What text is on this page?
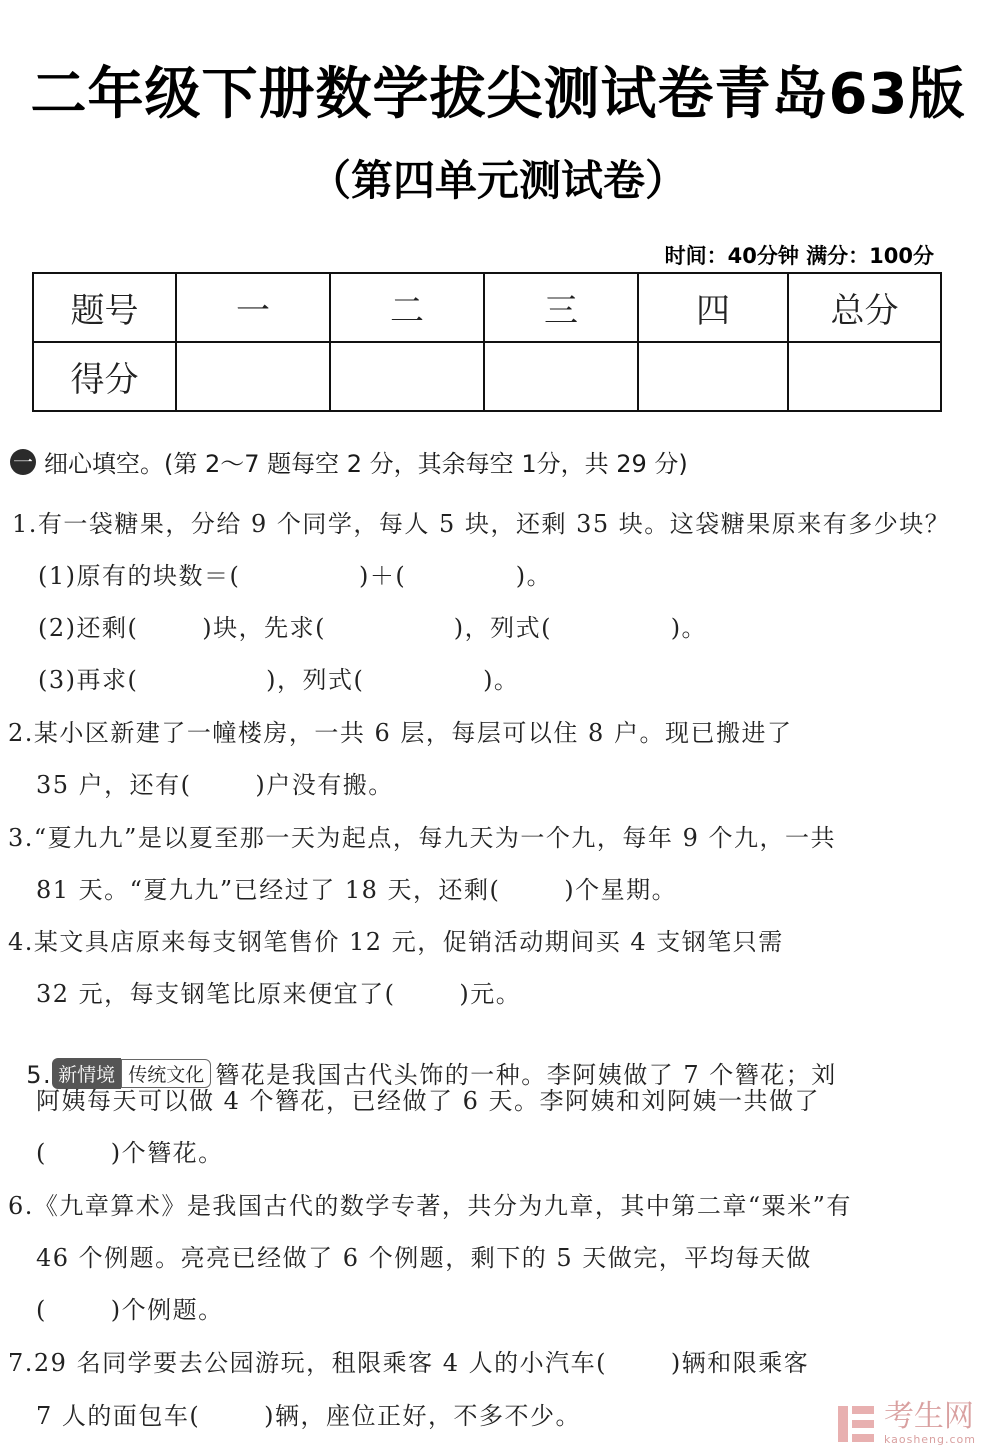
二年级下册数学拔尖测试卷青岛63版
（第四单元测试卷）
时间：40分钟 满分：100分
题号	一	二	三	四	总分
得分					
一 细心填空。(第 2～7 题每空 2 分，其余每空 1分，共 29 分)
1.有一袋糖果，分给 9 个同学，每人 5 块，还剩 35 块。这袋糖果原来有多少块？
(1)原有的块数＝(             )＋(            )。
(2)还剩(       )块，先求(              )，列式(             )。
(3)再求(              )，列式(             )。
2.某小区新建了一幢楼房，一共 6 层，每层可以住 8 户。现已搬进了
35 户，还有(       )户没有搬。
3.“夏九九”是以夏至那一天为起点，每九天为一个九，每年 9 个九，一共
81 天。“夏九九”已经过了 18 天，还剩(       )个星期。
4.某文具店原来每支钢笔售价 12 元，促销活动期间买 4 支钢笔只需
32 元，每支钢笔比原来便宜了(       )元。

5. 新情境 传统文化 簪花是我国古代头饰的一种。李阿姨做了 7 个簪花；刘

阿姨每天可以做 4 个簪花，已经做了 6 天。李阿姨和刘阿姨一共做了
(       )个簪花。
6.《九章算术》是我国古代的数学专著，共分为九章，其中第二章“粟米”有
46 个例题。亮亮已经做了 6 个例题，剩下的 5 天做完，平均每天做
(       )个例题。
7.29 名同学要去公园游玩，租限乘客 4 人的小汽车(       )辆和限乘客
7 人的面包车(       )辆，座位正好，不多不少。	考生网
kaosheng.com
